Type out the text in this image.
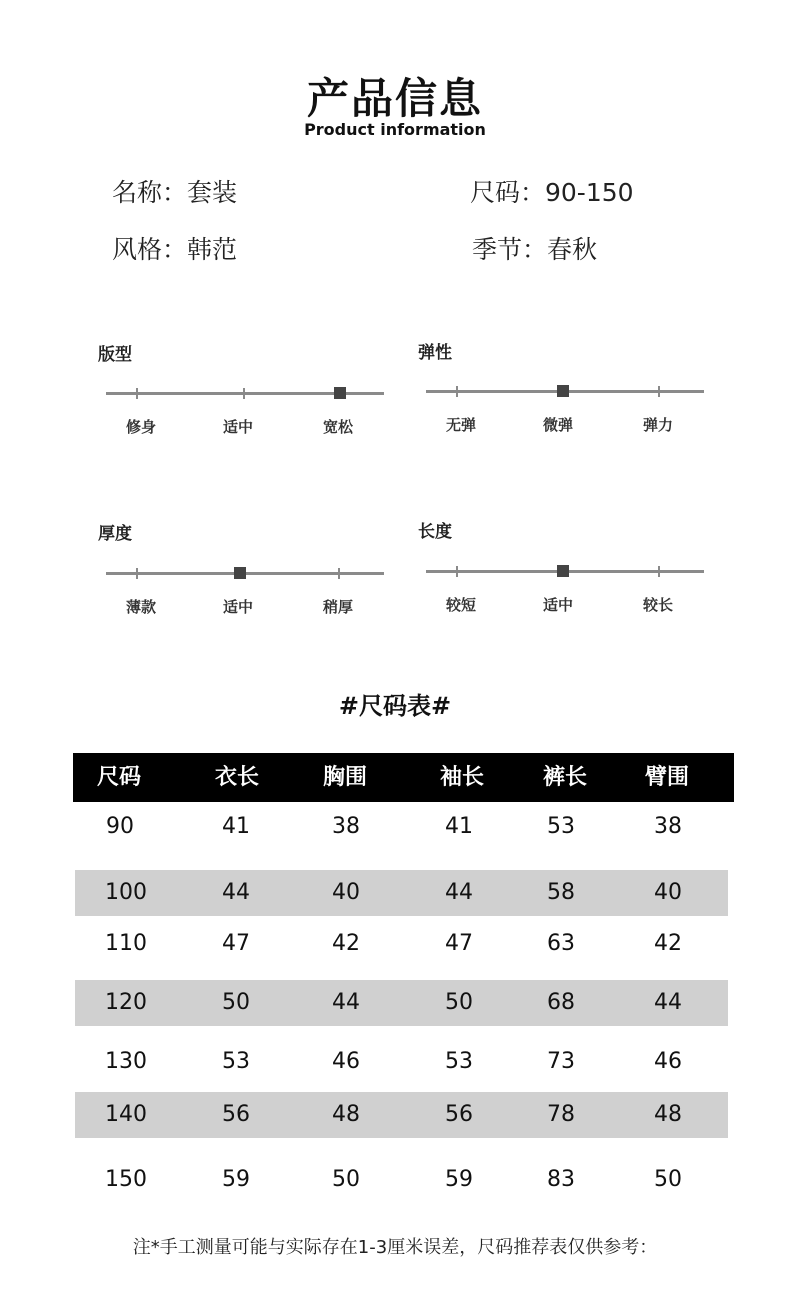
产品信息
Product information
名称：套装	尺码：90-150
风格：韩范	季节：春秋
版型
修身	适中	宽松
弹性
无弹	微弹	弹力
厚度
薄款	适中	稍厚
长度
较短	适中	较长
#尺码表#
尺码	衣长	胸围	袖长	裤长	臂围
90	41	38	41	53	38
100	44	40	44	58	40
110	47	42	47	63	42
120	50	44	50	68	44
130	53	46	53	73	46
140	56	48	56	78	48
150	59	50	59	83	50
注*手工测量可能与实际存在1-3厘米误差，尺码推荐表仅供参考：
